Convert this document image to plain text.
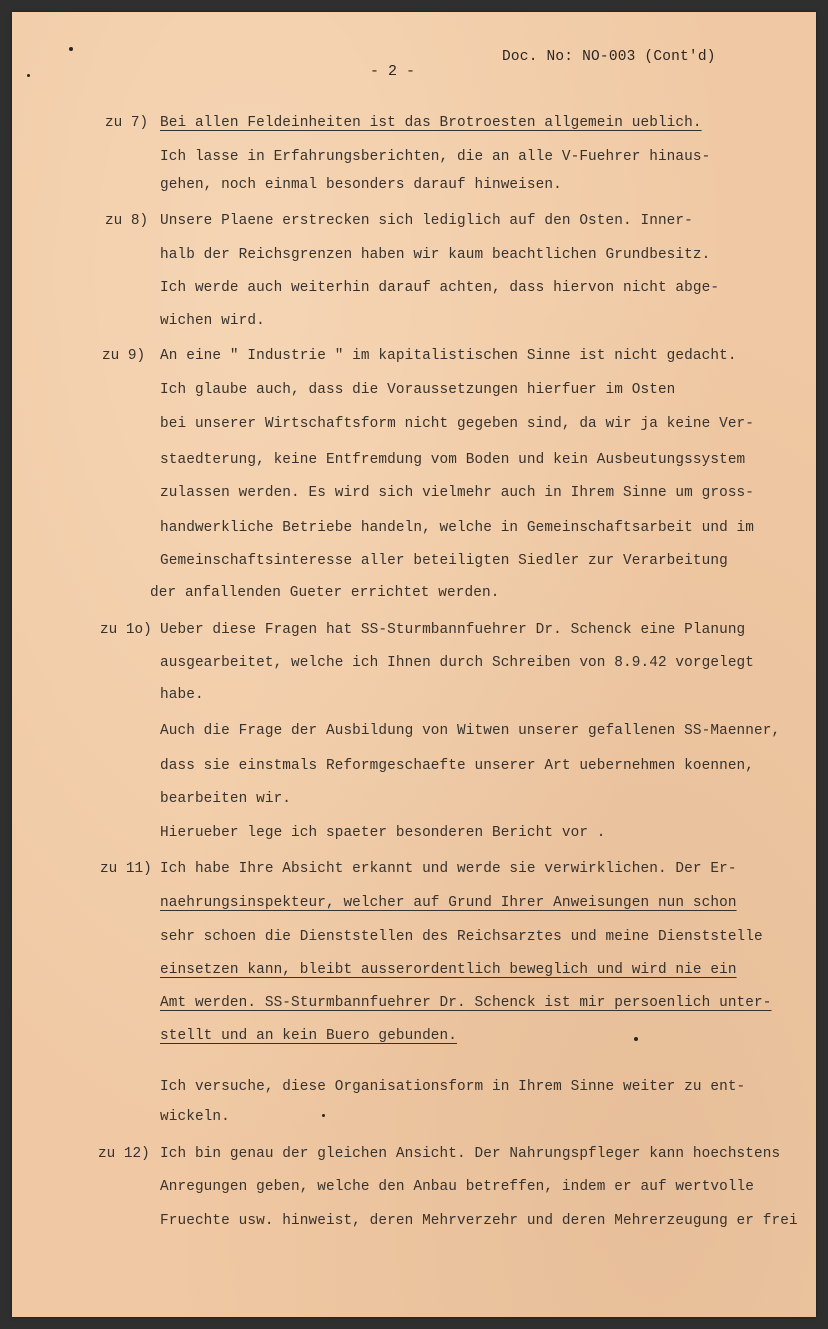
Doc. No: NO-003 (Cont'd)
- 2 -
zu 7) Bei allen Feldeinheiten ist das Brotroesten allgemein ueblich.
Ich lasse in Erfahrungsberichten, die an alle V-Fuehrer hinaus-
gehen, noch einmal besonders darauf hinweisen.
zu 8) Unsere Plaene erstrecken sich lediglich auf den Osten. Inner-
halb der Reichsgrenzen haben wir kaum beachtlichen Grundbesitz.
Ich werde auch weiterhin darauf achten, dass hiervon nicht abge-
wichen wird.
zu 9) An eine " Industrie " im kapitalistischen Sinne ist nicht gedacht.
Ich glaube auch, dass die Voraussetzungen hierfuer im Osten
bei unserer Wirtschaftsform nicht gegeben sind, da wir ja keine Ver-
staedterung, keine Entfremdung vom Boden und kein Ausbeutungssystem
zulassen werden. Es wird sich vielmehr auch in Ihrem Sinne um gross-
handwerkliche Betriebe handeln, welche in Gemeinschaftsarbeit und im
Gemeinschaftsinteresse aller beteiligten Siedler zur Verarbeitung
der anfallenden Gueter errichtet werden.
zu 1o) Ueber diese Fragen hat SS-Sturmbannfuehrer Dr. Schenck eine Planung
ausgearbeitet, welche ich Ihnen durch Schreiben von 8.9.42 vorgelegt
habe.
Auch die Frage der Ausbildung von Witwen unserer gefallenen SS-Maenner,
dass sie einstmals Reformgeschaefte unserer Art uebernehmen koennen,
bearbeiten wir.
Hierueber lege ich spaeter besonderen Bericht vor .
zu 11) Ich habe Ihre Absicht erkannt und werde sie verwirklichen. Der Er-
naehrungsinspekteur, welcher auf Grund Ihrer Anweisungen nun schon
sehr schoen die Dienststellen des Reichsarztes und meine Dienststelle
einsetzen kann, bleibt ausserordentlich beweglich und wird nie ein
Amt werden. SS-Sturmbannfuehrer Dr. Schenck ist mir persoenlich unter-
stellt und an kein Buero gebunden.
Ich versuche, diese Organisationsform in Ihrem Sinne weiter zu ent-
wickeln.
zu 12) Ich bin genau der gleichen Ansicht. Der Nahrungspfleger kann hoechstens
Anregungen geben, welche den Anbau betreffen, indem er auf wertvolle
Fruechte usw. hinweist, deren Mehrverzehr und deren Mehrerzeugung er frei
